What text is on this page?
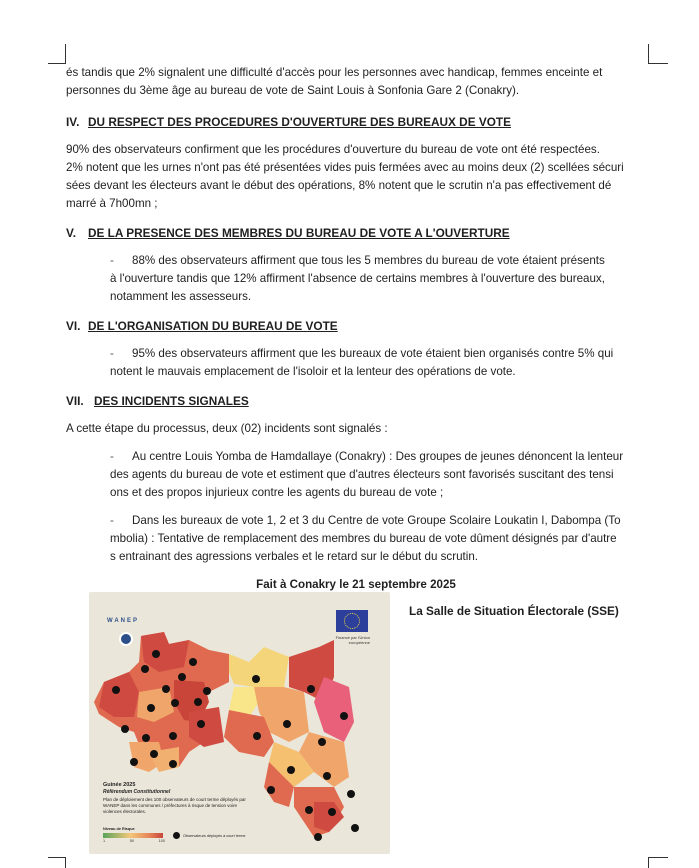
és tandis que 2% signalent une difficulté d'accès pour les personnes avec handicap, femmes enceinte et
personnes du 3ème âge au bureau de vote de Saint Louis à Sonfonia Gare 2 (Conakry).
IV. DU RESPECT DES PROCEDURES D'OUVERTURE DES BUREAUX DE VOTE
90% des observateurs confirment que les procédures d'ouverture du bureau de vote ont été respectées.
2% notent que les urnes n'ont pas été présentées vides puis fermées avec au moins deux (2) scellées sécuri
sées devant les électeurs avant le début des opérations, 8% notent que le scrutin n'a pas effectivement dé
marré à 7h00mn ;
V.	DE LA PRESENCE DES MEMBRES DU BUREAU DE VOTE A L'OUVERTURE
- 88% des observateurs affirment que tous les 5 membres du bureau de vote étaient présents
à l'ouverture tandis que 12% affirment l'absence de certains membres à l'ouverture des bureaux,
notamment les assesseurs.
VI. DE L'ORGANISATION DU BUREAU DE VOTE
- 95% des observateurs affirment que les bureaux de vote étaient bien organisés contre 5% qui
notent le mauvais emplacement de l'isoloir et la lenteur des opérations de vote.
VII. DES INCIDENTS SIGNALES
A cette étape du processus, deux (02) incidents sont signalés :
- Au centre Louis Yomba de Hamdallaye (Conakry) : Des groupes de jeunes dénoncent la lenteur
des agents du bureau de vote et estiment que d'autres électeurs sont favorisés suscitant des tensi
ons et des propos injurieux contre les agents du bureau de vote ;
- Dans les bureaux de vote 1, 2 et 3 du Centre de vote Groupe Scolaire Loukatin I, Dabompa (To
mbolia) : Tentative de remplacement des membres du bureau de vote dûment désignés par d'autre
s entrainant des agressions verbales et le retard sur le début du scrutin.
Fait à Conakry le 21 septembre 2025
WANEP
Financé par l'Union européenne
Guinée 2025
Référendum Constitutionnel
Plan de déploiement des 100 observateurs de court terme déployés par WANEP dans les communes / préfectures à risque de tension voire violences électorales.
Niveau de Risque
1	50	100
Observateurs déployés à court terme
La Salle de Situation Électorale (SSE)
